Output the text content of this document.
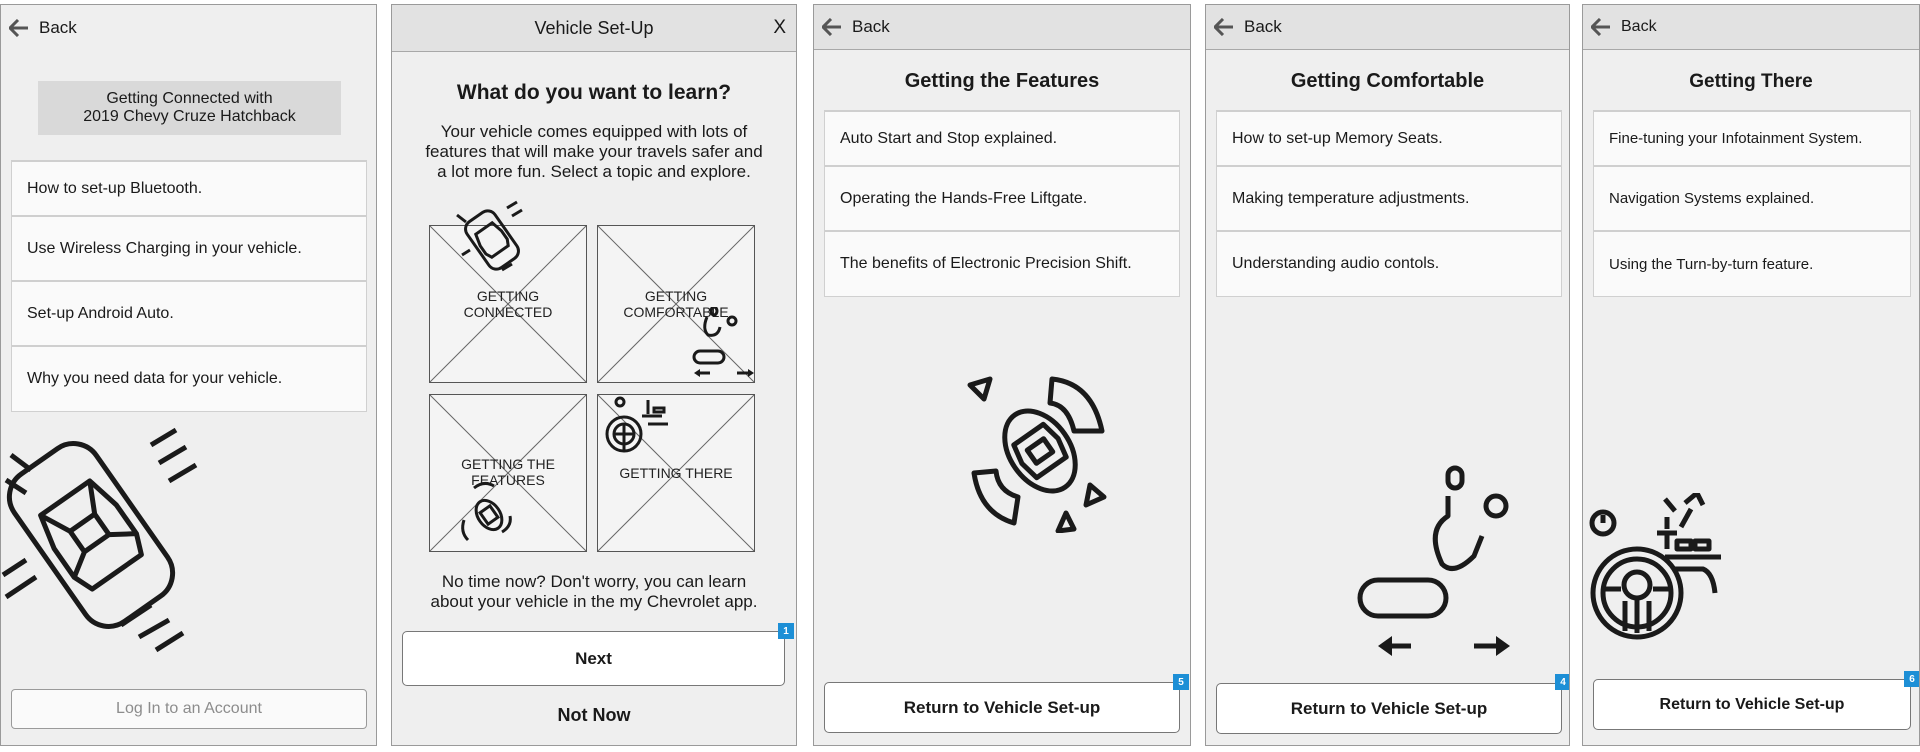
Back
Getting Connected with
2019 Chevy Cruze Hatchback
How to set-up Bluetooth.
Use Wireless Charging in your vehicle.
Set-up Android Auto.
Why you need data for your vehicle.
Log In to an Account
Vehicle Set-Up	X
What do you want to learn?
Your vehicle comes equipped with lots of
features that will make your travels safer and
a lot more fun. Select a topic and explore.
GETTING
CONNECTED
GETTING
COMFORTABLE
GETTING THE
FEATURES	GETTING THERE
No time now? Don't worry, you can learn
about your vehicle in the my Chevrolet app.
Next
1
Not Now
Back
Getting the Features
Auto Start and Stop explained.
Operating the Hands-Free Liftgate.
The benefits of Electronic Precision Shift.
Return to Vehicle Set-up
5
Back
Getting Comfortable
How to set-up Memory Seats.
Making temperature adjustments.
Understanding audio contols.
Return to Vehicle Set-up
4
Back
Getting There
Fine-tuning your Infotainment System.
Navigation Systems explained.
Using the Turn-by-turn feature.
Return to Vehicle Set-up
6
